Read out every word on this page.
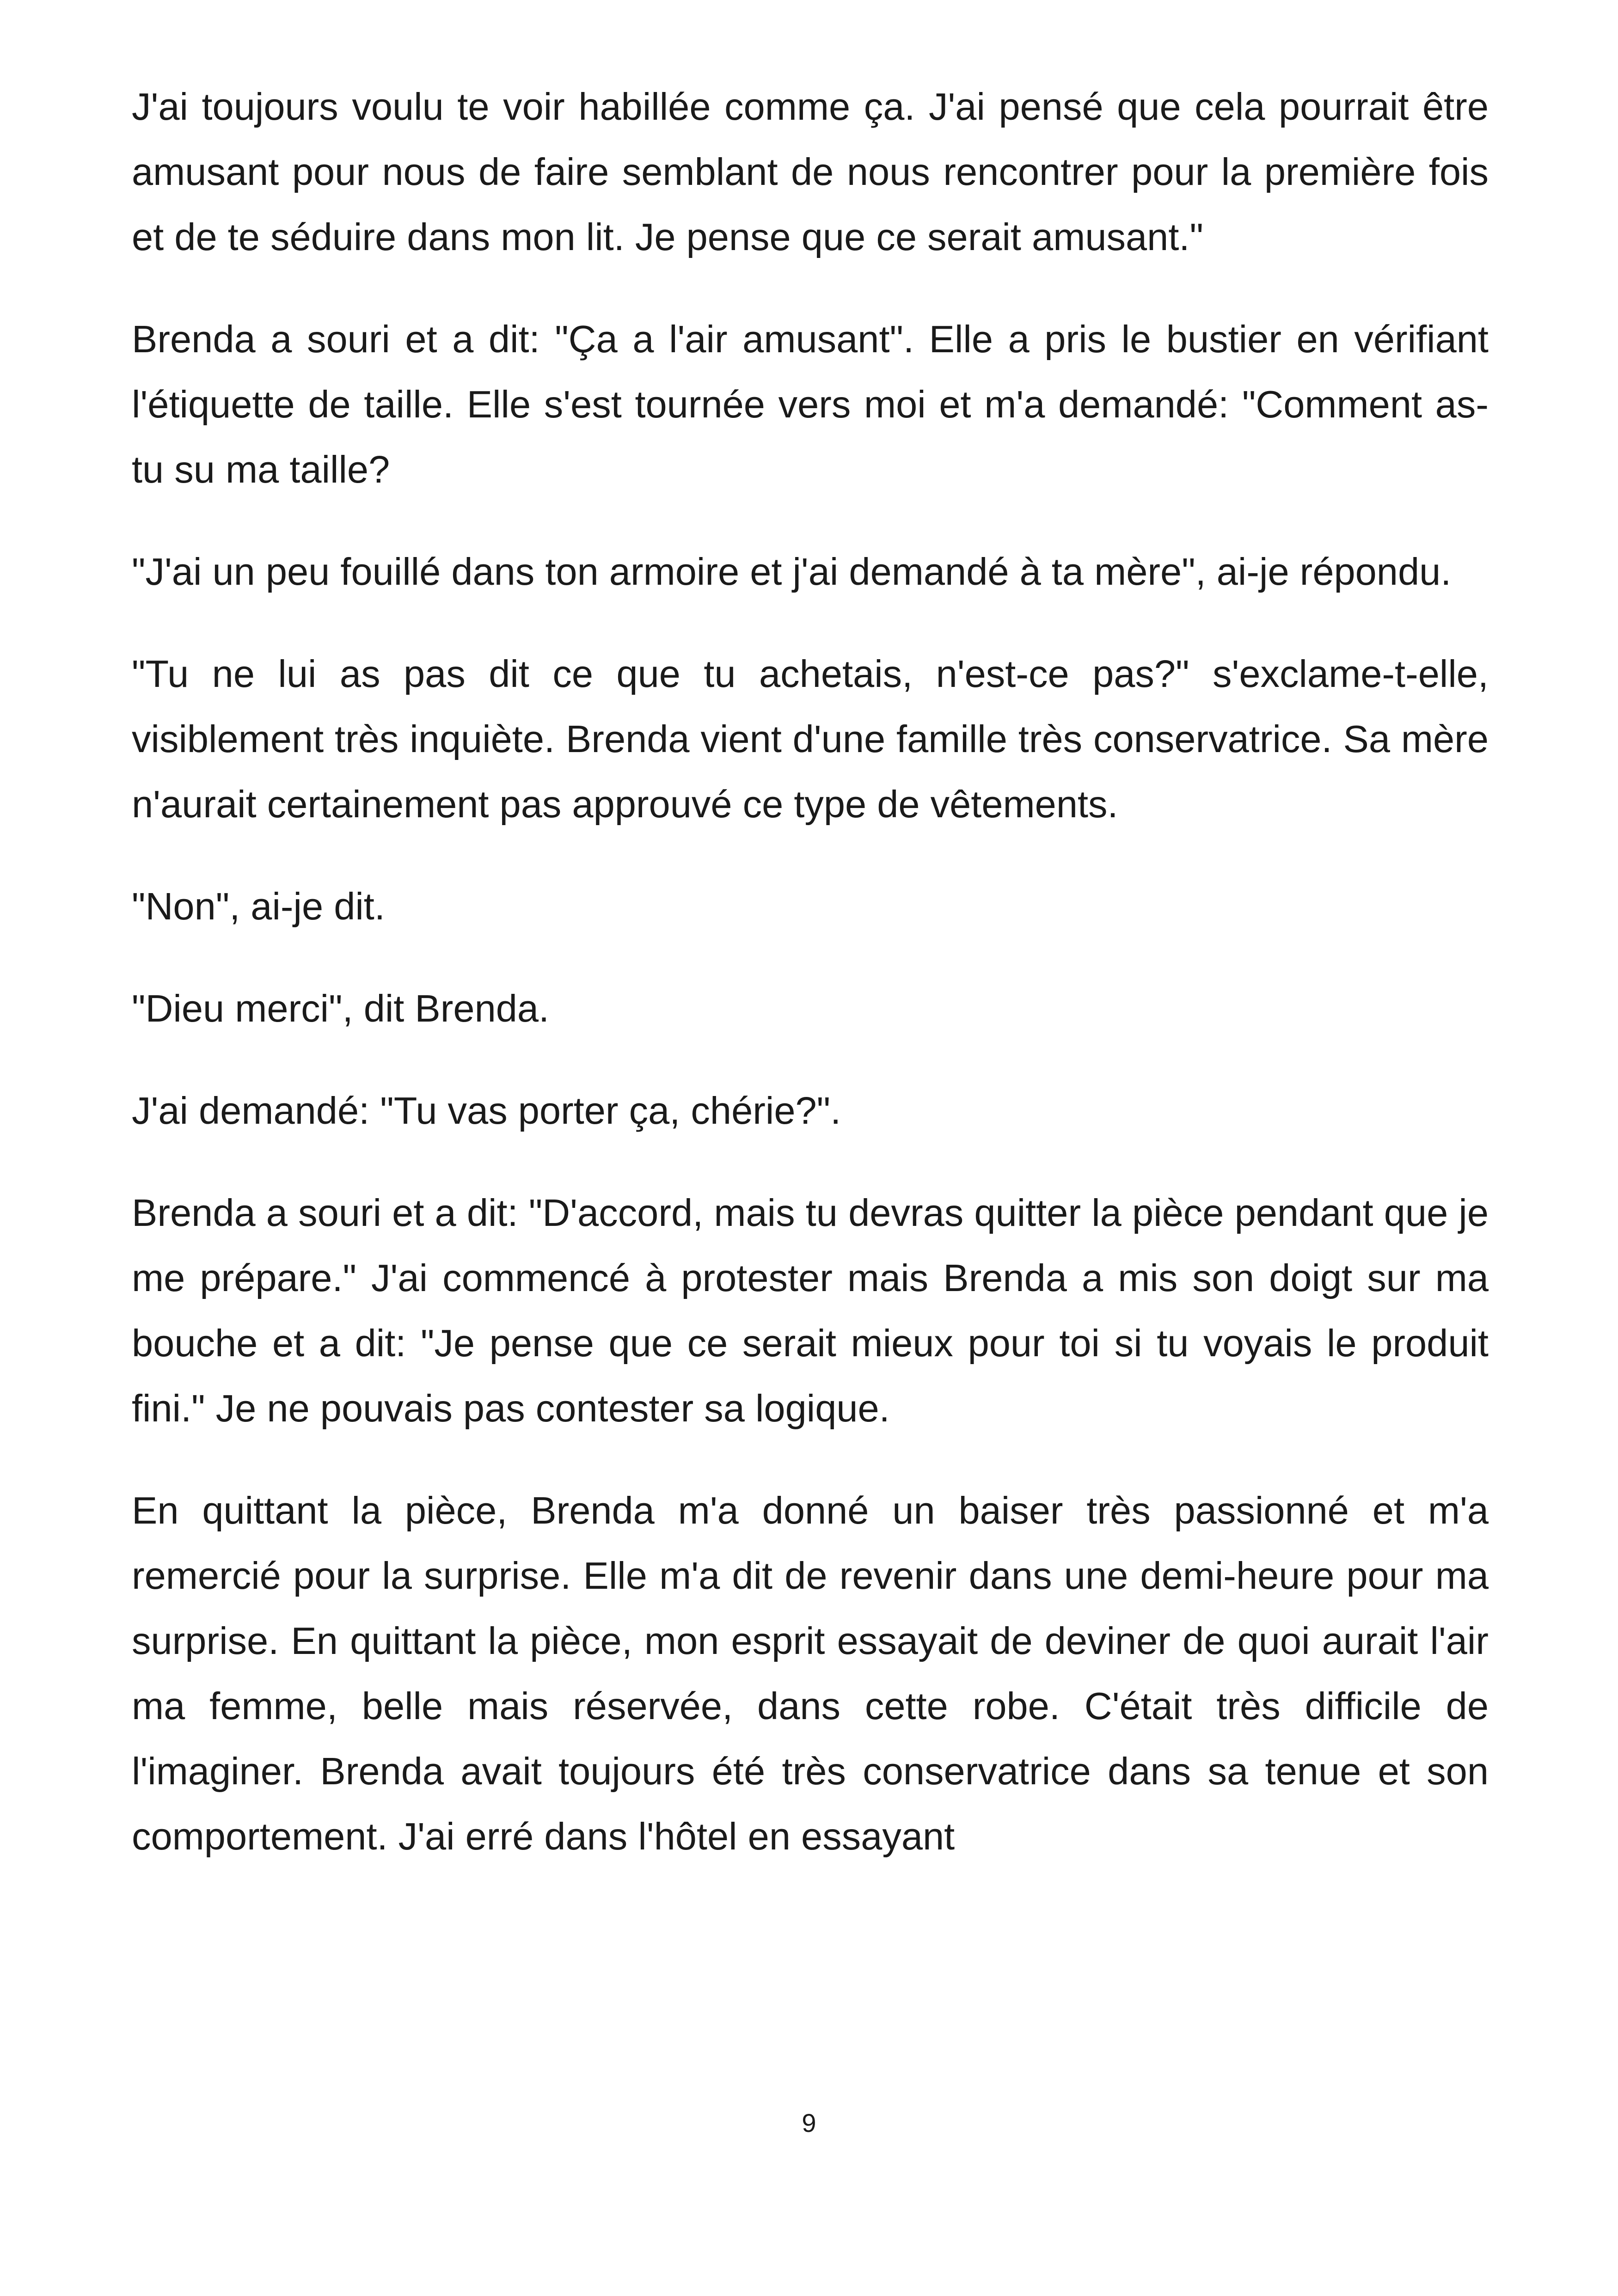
J'ai toujours voulu te voir habillée comme ça. J'ai pensé que cela pourrait être amusant pour nous de faire semblant de nous rencontrer pour la première fois et de te séduire dans mon lit. Je pense que ce serait amusant."

Brenda a souri et a dit: "Ça a l'air amusant". Elle a pris le bustier en vérifiant l'étiquette de taille. Elle s'est tournée vers moi et m'a demandé: "Comment as-tu su ma taille?

"J'ai un peu fouillé dans ton armoire et j'ai demandé à ta mère", ai-je répondu.

"Tu ne lui as pas dit ce que tu achetais, n'est-ce pas?" s'exclame-t-elle, visiblement très inquiète. Brenda vient d'une famille très conservatrice. Sa mère n'aurait certainement pas approuvé ce type de vêtements.

"Non", ai-je dit.

"Dieu merci", dit Brenda.

J'ai demandé: "Tu vas porter ça, chérie?".

Brenda a souri et a dit: "D'accord, mais tu devras quitter la pièce pendant que je me prépare." J'ai commencé à protester mais Brenda a mis son doigt sur ma bouche et a dit: "Je pense que ce serait mieux pour toi si tu voyais le produit fini." Je ne pouvais pas contester sa logique.

En quittant la pièce, Brenda m'a donné un baiser très passionné et m'a remercié pour la surprise. Elle m'a dit de revenir dans une demi-heure pour ma surprise. En quittant la pièce, mon esprit essayait de deviner de quoi aurait l'air ma femme, belle mais réservée, dans cette robe. C'était très difficile de l'imaginer. Brenda avait toujours été très conservatrice dans sa tenue et son comportement. J'ai erré dans l'hôtel en essayant

9
